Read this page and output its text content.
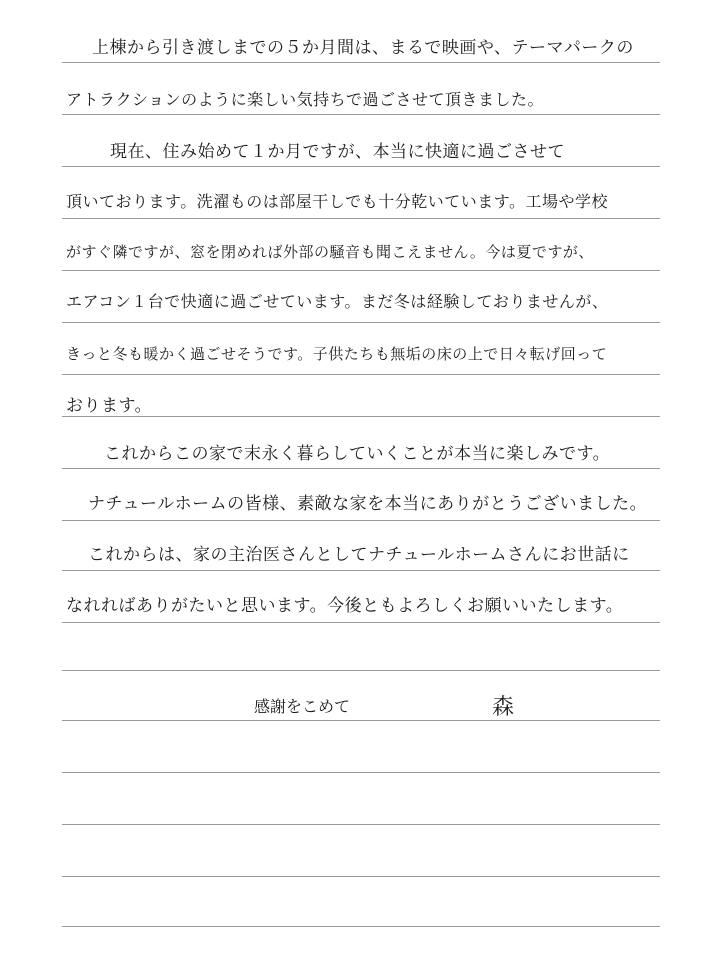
上棟から引き渡しまでの５か月間は、まるで映画や、テーマパークの
アトラクションのように楽しい気持ちで過ごさせて頂きました。
現在、住み始めて１か月ですが、本当に快適に過ごさせて
頂いております。洗濯ものは部屋干しでも十分乾いています。工場や学校
がすぐ隣ですが、窓を閉めれば外部の騒音も聞こえません。今は夏ですが、
エアコン１台で快適に過ごせています。まだ冬は経験しておりませんが、
きっと冬も暖かく過ごせそうです。子供たちも無垢の床の上で日々転げ回って
おります。
これからこの家で末永く暮らしていくことが本当に楽しみです。
ナチュールホームの皆様、素敵な家を本当にありがとうございました。
これからは、家の主治医さんとしてナチュールホームさんにお世話に
なれればありがたいと思います。今後ともよろしくお願いいたします。
感謝をこめて	森
